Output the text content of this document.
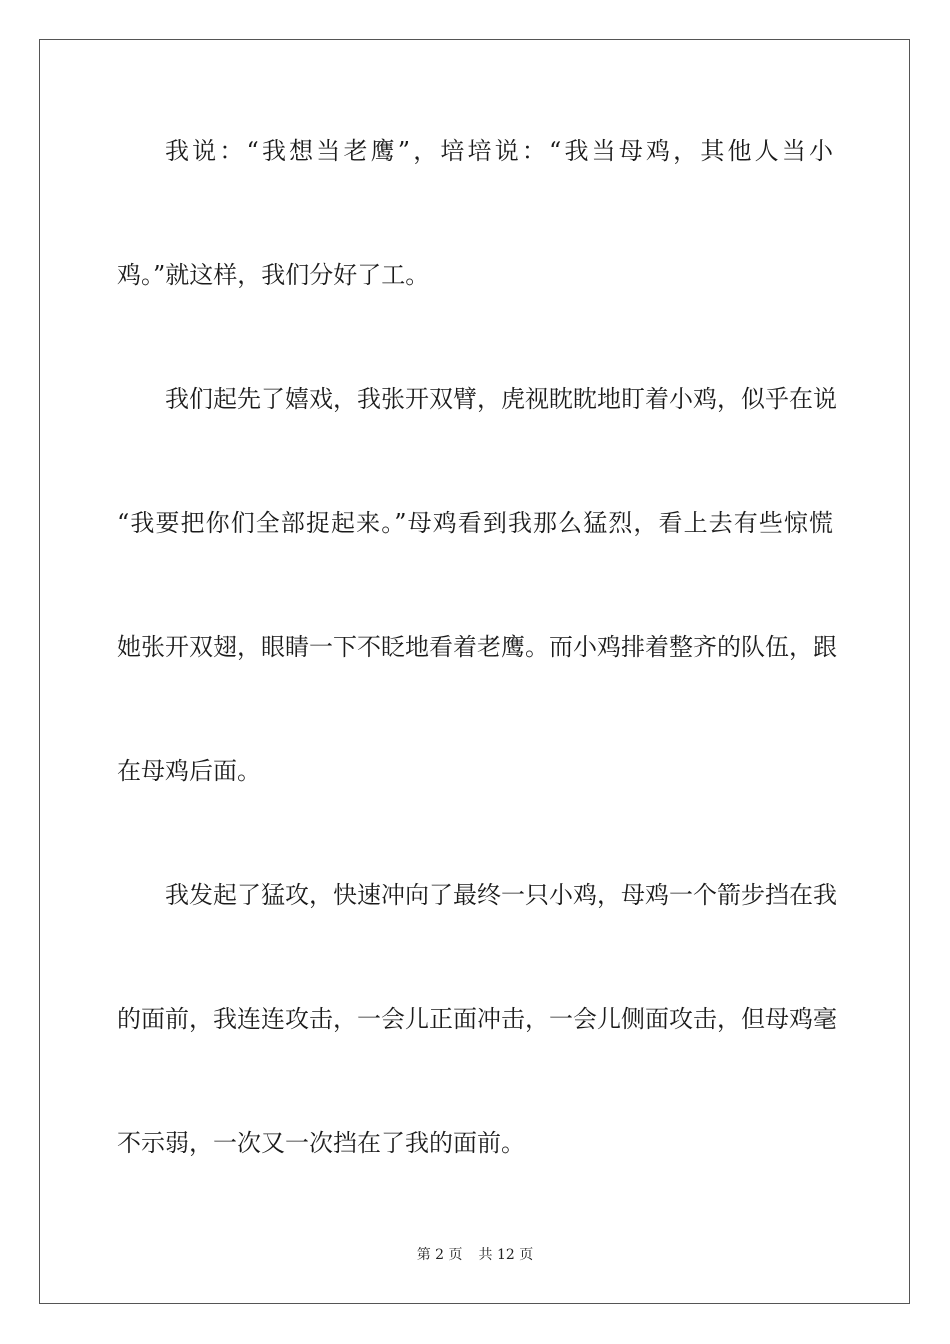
我说：“我想当老鹰”，培培说：“我当母鸡，其他人当小
鸡。”就这样，我们分好了工。
我们起先了嬉戏，我张开双臂，虎视眈眈地盯着小鸡，似乎在说
“我要把你们全部捉起来。”母鸡看到我那么猛烈，看上去有些惊慌
她张开双翅，眼睛一下不眨地看着老鹰。而小鸡排着整齐的队伍，跟
在母鸡后面。
我发起了猛攻，快速冲向了最终一只小鸡，母鸡一个箭步挡在我
的面前，我连连攻击，一会儿正面冲击，一会儿侧面攻击，但母鸡毫
不示弱，一次又一次挡在了我的面前。
第 2 页 共 12 页
